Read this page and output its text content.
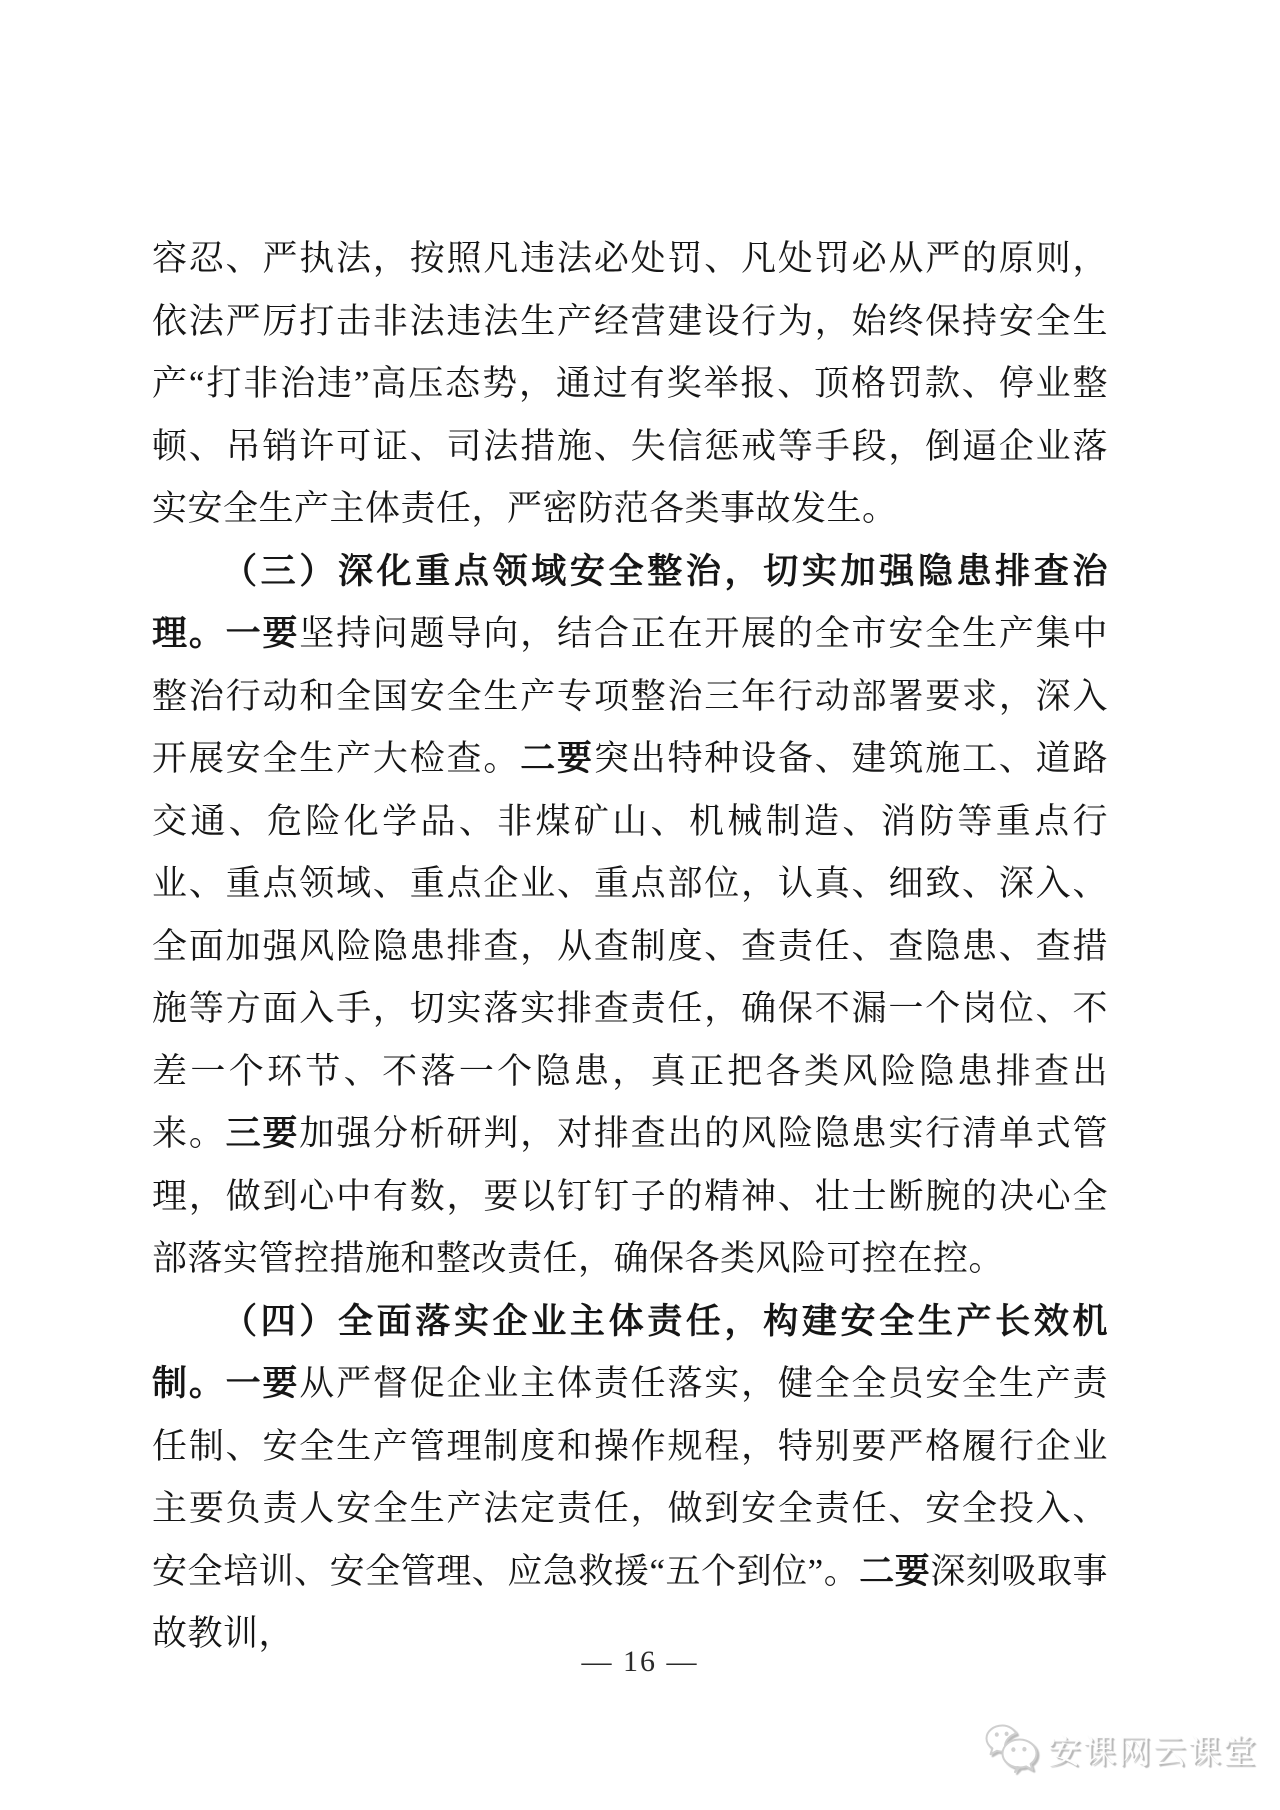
容忍、严执法，按照凡违法必处罚、凡处罚必从严的原则，依法严厉打击非法违法生产经营建设行为，始终保持安全生产“打非治违”高压态势，通过有奖举报、顶格罚款、停业整顿、吊销许可证、司法措施、失信惩戒等手段，倒逼企业落实安全生产主体责任，严密防范各类事故发生。

（三）深化重点领域安全整治，切实加强隐患排查治理。一要坚持问题导向，结合正在开展的全市安全生产集中整治行动和全国安全生产专项整治三年行动部署要求，深入开展安全生产大检查。二要突出特种设备、建筑施工、道路交通、危险化学品、非煤矿山、机械制造、消防等重点行业、重点领域、重点企业、重点部位，认真、细致、深入、全面加强风险隐患排查，从查制度、查责任、查隐患、查措施等方面入手，切实落实排查责任，确保不漏一个岗位、不差一个环节、不落一个隐患，真正把各类风险隐患排查出来。三要加强分析研判，对排查出的风险隐患实行清单式管理，做到心中有数，要以钉钉子的精神、壮士断腕的决心全部落实管控措施和整改责任，确保各类风险可控在控。

（四）全面落实企业主体责任，构建安全生产长效机制。一要从严督促企业主体责任落实，健全全员安全生产责任制、安全生产管理制度和操作规程，特别要严格履行企业主要负责人安全生产法定责任，做到安全责任、安全投入、安全培训、安全管理、应急救援“五个到位”。二要深刻吸取事故教训，

— 16 —
安课网云课堂
